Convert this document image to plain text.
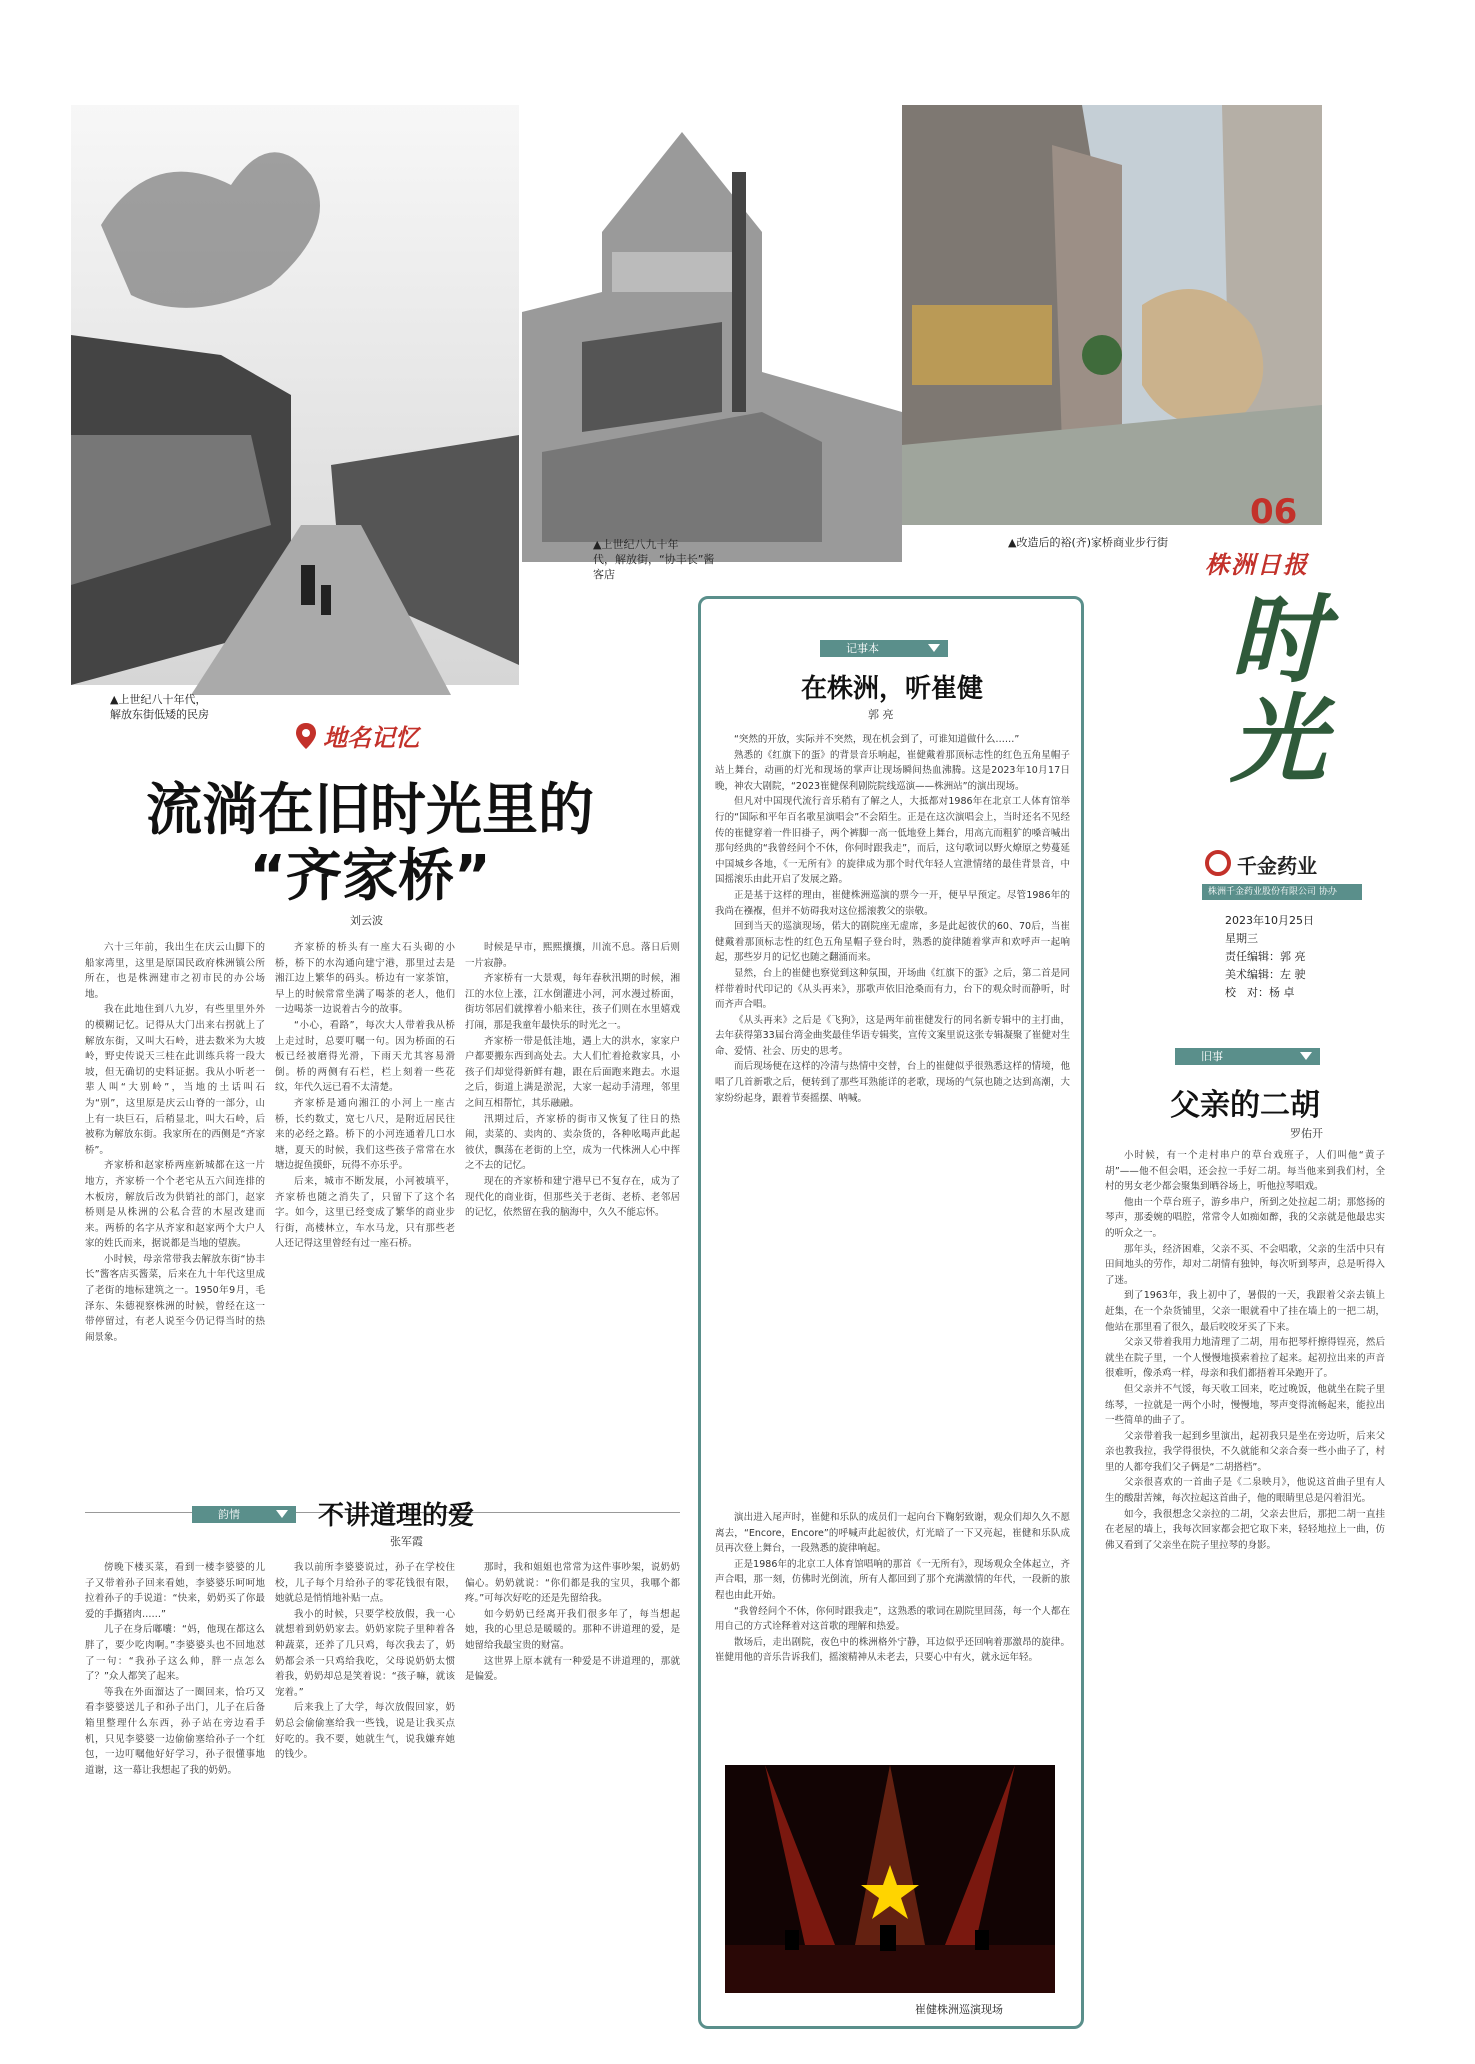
▲上世纪八十年代，
解放东街低矮的民房
▲上世纪八九十年
代，解放街，“协丰长”酱
客店
▲改造后的裕(齐)家桥商业步行街
06
株洲日报
时光
千金药业
株洲千金药业股份有限公司 协办
2023年10月25日
星期三
责任编辑：郭 亮
美术编辑：左 驶
校　对：杨 卓
地名记忆
流淌在旧时光里的
“齐家桥”
刘云波

六十三年前，我出生在庆云山脚下的船家湾里，这里是原国民政府株洲镇公所所在，也是株洲建市之初市民的办公场地。

我在此地住到八九岁，有些里里外外的模糊记忆。记得从大门出来右拐就上了解放东街，又叫大石岭，进去数米为大坡岭，野史传说天三桂在此训练兵将一段大坡，但无确切的史料证据。我从小听老一辈人叫“大别岭”，当地的土话叫石为“别”，这里原是庆云山脊的一部分，山上有一块巨石，后稍显北，叫大石岭，后被称为解放东街。我家所在的西侧是“齐家桥”。

齐家桥和赵家桥两座新城都在这一片地方，齐家桥一个个老宅从五六间连排的木板房，解放后改为供销社的部门，赵家桥则是从株洲的公私合营的木屋改建而来。两桥的名字从齐家和赵家两个大户人家的姓氏而来，据说都是当地的望族。

小时候，母亲常带我去解放东街“协丰长”酱客店买酱菜，后来在九十年代这里成了老街的地标建筑之一。1950年9月，毛泽东、朱德视察株洲的时候，曾经在这一带停留过，有老人说至今仍记得当时的热闹景象。

齐家桥的桥头有一座大石头砌的小桥，桥下的水沟通向建宁港，那里过去是湘江边上繁华的码头。桥边有一家茶馆，早上的时候常常坐满了喝茶的老人，他们一边喝茶一边说着古今的故事。

“小心，看路”，每次大人带着我从桥上走过时，总要叮嘱一句。因为桥面的石板已经被磨得光滑，下雨天尤其容易滑倒。桥的两侧有石栏，栏上刻着一些花纹，年代久远已看不太清楚。

齐家桥是通向湘江的小河上一座古桥，长约数丈，宽七八尺，是附近居民往来的必经之路。桥下的小河连通着几口水塘，夏天的时候，我们这些孩子常常在水塘边捉鱼摸虾，玩得不亦乐乎。

后来，城市不断发展，小河被填平，齐家桥也随之消失了，只留下了这个名字。如今，这里已经变成了繁华的商业步行街，高楼林立，车水马龙，只有那些老人还记得这里曾经有过一座石桥。

时候是早市，熙熙攘攘，川流不息。落日后则一片寂静。

齐家桥有一大景观，每年春秋汛期的时候，湘江的水位上涨，江水倒灌进小河，河水漫过桥面，街坊邻居们就撑着小船来往，孩子们则在水里嬉戏打闹，那是我童年最快乐的时光之一。

齐家桥一带是低洼地，遇上大的洪水，家家户户都要搬东西到高处去。大人们忙着抢救家具，小孩子们却觉得新鲜有趣，跟在后面跑来跑去。水退之后，街道上满是淤泥，大家一起动手清理，邻里之间互相帮忙，其乐融融。

汛期过后，齐家桥的街市又恢复了往日的热闹，卖菜的、卖肉的、卖杂货的，各种吆喝声此起彼伏，飘荡在老街的上空，成为一代株洲人心中挥之不去的记忆。

现在的齐家桥和建宁港早已不复存在，成为了现代化的商业街，但那些关于老街、老桥、老邻居的记忆，依然留在我的脑海中，久久不能忘怀。

韵情	不讲道理的爱
张军霞

傍晚下楼买菜，看到一楼李婆婆的儿子又带着孙子回来看她，李婆婆乐呵呵地拉着孙子的手说道：“快来，奶奶买了你最爱的手撕猪肉……”

儿子在身后嘟囔：“妈，他现在都这么胖了，要少吃肉啊。”李婆婆头也不回地怼了一句：“我孙子这么帅，胖一点怎么了？”众人都笑了起来。

等我在外面溜达了一圈回来，恰巧又看李婆婆送儿子和孙子出门，儿子在后备箱里整理什么东西，孙子站在旁边看手机，只见李婆婆一边偷偷塞给孙子一个红包，一边叮嘱他好好学习，孙子很懂事地道谢，这一幕让我想起了我的奶奶。

我以前所李婆婆说过，孙子在学校住校，儿子每个月给孙子的零花钱很有限，她就总是悄悄地补贴一点。

我小的时候，只要学校放假，我一心就想着到奶奶家去。奶奶家院子里种着各种蔬菜，还养了几只鸡，每次我去了，奶奶都会杀一只鸡给我吃，父母说奶奶太惯着我，奶奶却总是笑着说：“孩子嘛，就该宠着。”

后来我上了大学，每次放假回家，奶奶总会偷偷塞给我一些钱，说是让我买点好吃的。我不要，她就生气，说我嫌弃她的钱少。

那时，我和姐姐也常常为这件事吵架，说奶奶偏心。奶奶就说：“你们都是我的宝贝，我哪个都疼。”可每次好吃的还是先留给我。

如今奶奶已经离开我们很多年了，每当想起她，我的心里总是暖暖的。那种不讲道理的爱，是她留给我最宝贵的财富。

这世界上原本就有一种爱是不讲道理的，那就是偏爱。

记事本
在株洲，听崔健
郭 亮

“突然的开放，实际并不突然，现在机会到了，可谁知道做什么……”

熟悉的《红旗下的蛋》的背景音乐响起，崔健戴着那顶标志性的红色五角星帽子站上舞台，动画的灯光和现场的掌声让现场瞬间热血沸腾。这是2023年10月17日晚，神农大剧院，“2023崔健保利剧院院线巡演——株洲站”的演出现场。

但凡对中国现代流行音乐稍有了解之人，大抵都对1986年在北京工人体育馆举行的“国际和平年百名歌星演唱会”不会陌生。正是在这次演唱会上，当时还名不见经传的崔健穿着一件旧褂子，两个裤脚一高一低地登上舞台，用高亢而粗犷的嗓音喊出那句经典的“我曾经问个不休，你何时跟我走”，而后，这句歌词以野火燎原之势蔓延中国城乡各地，《一无所有》的旋律成为那个时代年轻人宣泄情绪的最佳背景音，中国摇滚乐由此开启了发展之路。

正是基于这样的理由，崔健株洲巡演的票今一开，便早早预定。尽管1986年的我尚在襁褓，但并不妨碍我对这位摇滚教父的崇敬。

回到当天的巡演现场，偌大的剧院座无虚席，多是此起彼伏的60、70后，当崔健戴着那顶标志性的红色五角星帽子登台时，熟悉的旋律随着掌声和欢呼声一起响起，那些岁月的记忆也随之翻涌而来。

显然，台上的崔健也察觉到这种氛围，开场曲《红旗下的蛋》之后，第二首是同样带着时代印记的《从头再来》，那歌声依旧沧桑而有力，台下的观众时而静听，时而齐声合唱。

《从头再来》之后是《飞狗》，这是两年前崔健发行的同名新专辑中的主打曲，去年获得第33届台湾金曲奖最佳华语专辑奖，宣传文案里说这张专辑凝聚了崔健对生命、爱情、社会、历史的思考。

而后现场便在这样的冷清与热情中交替，台上的崔健似乎很熟悉这样的情境，他唱了几首新歌之后，便转到了那些耳熟能详的老歌，现场的气氛也随之达到高潮，大家纷纷起身，跟着节奏摇摆、呐喊。

演出进入尾声时，崔健和乐队的成员们一起向台下鞠躬致谢，观众们却久久不愿离去，“Encore，Encore”的呼喊声此起彼伏，灯光暗了一下又亮起，崔健和乐队成员再次登上舞台，一段熟悉的旋律响起。

正是1986年的北京工人体育馆唱响的那首《一无所有》，现场观众全体起立，齐声合唱，那一刻，仿佛时光倒流，所有人都回到了那个充满激情的年代，一段新的旅程也由此开始。

“我曾经问个不休，你何时跟我走”，这熟悉的歌词在剧院里回荡，每一个人都在用自己的方式诠释着对这首歌的理解和热爱。

散场后，走出剧院，夜色中的株洲格外宁静，耳边似乎还回响着那激昂的旋律。崔健用他的音乐告诉我们，摇滚精神从未老去，只要心中有火，就永远年轻。

崔健株洲巡演现场
旧事
父亲的二胡
罗佑开

小时候，有一个走村串户的草台戏班子，人们叫他“黄子胡”——他不但会唱，还会拉一手好二胡。每当他来到我们村，全村的男女老少都会聚集到晒谷场上，听他拉琴唱戏。

他由一个草台班子，游乡串户，所到之处拉起二胡；那悠扬的琴声，那委婉的唱腔，常常令人如痴如醉，我的父亲就是他最忠实的听众之一。

那年头，经济困难，父亲不买、不会唱歌，父亲的生活中只有田间地头的劳作，却对二胡情有独钟，每次听到琴声，总是听得入了迷。

到了1963年，我上初中了，暑假的一天，我跟着父亲去镇上赶集，在一个杂货铺里，父亲一眼就看中了挂在墙上的一把二胡，他站在那里看了很久，最后咬咬牙买了下来。

父亲又带着我用力地清理了二胡，用布把琴杆擦得锃亮，然后就坐在院子里，一个人慢慢地摸索着拉了起来。起初拉出来的声音很难听，像杀鸡一样，母亲和我们都捂着耳朵跑开了。

但父亲并不气馁，每天收工回来，吃过晚饭，他就坐在院子里练琴，一拉就是一两个小时，慢慢地，琴声变得流畅起来，能拉出一些简单的曲子了。

父亲带着我一起到乡里演出，起初我只是坐在旁边听，后来父亲也教我拉，我学得很快，不久就能和父亲合奏一些小曲子了，村里的人都夸我们父子俩是“二胡搭档”。

父亲很喜欢的一首曲子是《二泉映月》，他说这首曲子里有人生的酸甜苦辣，每次拉起这首曲子，他的眼睛里总是闪着泪光。

如今，我很想念父亲拉的二胡，父亲去世后，那把二胡一直挂在老屋的墙上，我每次回家都会把它取下来，轻轻地拉上一曲，仿佛又看到了父亲坐在院子里拉琴的身影。
